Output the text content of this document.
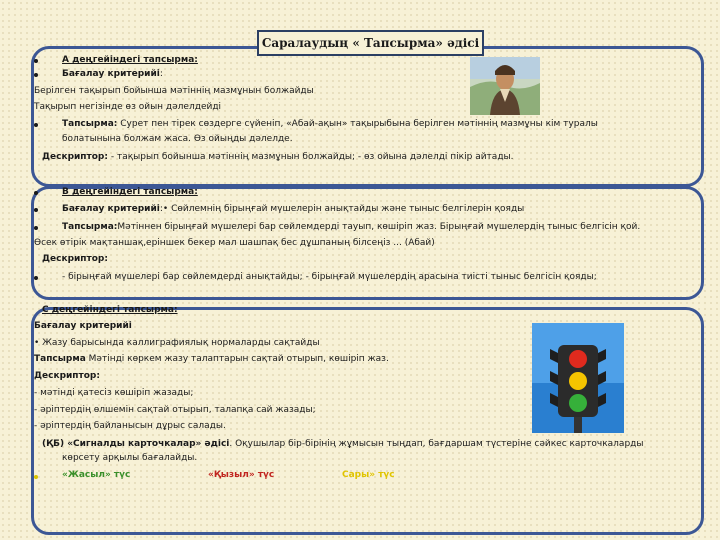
Саралаудың « Тапсырма» әдісі
А деңгейіндегі тапсырма:
Бағалау критерийі:
Берілген тақырып бойынша мәтіннің мазмұнын болжайды
Тақырып негізінде өз ойын дәлелдейді
Тапсырма: Сурет пен тірек сөздерге сүйеніп, «Абай-ақын» тақырыбына берілген мәтіннің мазмұны кім туралы
болатынына болжам жаса. Өз ойыңды дәлелде.
Дескриптор: - тақырып бойынша мәтіннің мазмұнын болжайды; - өз ойына дәлелді пікір айтады.
В деңгейіндегі тапсырма:
Бағалау критерийі:• Сөйлемнің бірыңғай мүшелерін анықтайды және тыныс белгілерін қояды
Тапсырма:Мәтіннен бірыңғай мүшелері бар сөйлемдерді тауып, көшіріп жаз. Бірыңғай мүшелердің тыныс белгісін қой.
Өсек өтірік мақтаншақ,еріншек бекер мал шашпақ бес дұшпаның білсеңіз ... (Абай)
Дескриптор:
- бірыңғай мүшелері бар сөйлемдерді анықтайды; - бірыңғай мүшелердің арасына тиісті тыныс белгісін қояды;
С деңгейіндегі тапсырма:
Бағалау критерийі
• Жазу барысында каллиграфиялық нормаларды сақтайды
Тапсырма Мәтінді көркем жазу талаптарын сақтай отырып, көшіріп жаз.
Дескриптор:
- мәтінді қатесіз көшіріп жазады;
- әріптердің өлшемін сақтай отырып, талапқа сай жазады;
- әріптердің байланысын дұрыс салады.
(ҚБ) «Сигналды карточкалар» әдісі. Оқушылар бір-бірінің жұмысын тыңдап, бағдаршам түстеріне сәйкес карточкаларды
көрсету арқылы бағалайды.
«Жасыл» түс	«Қызыл» түс	Сары» түс
